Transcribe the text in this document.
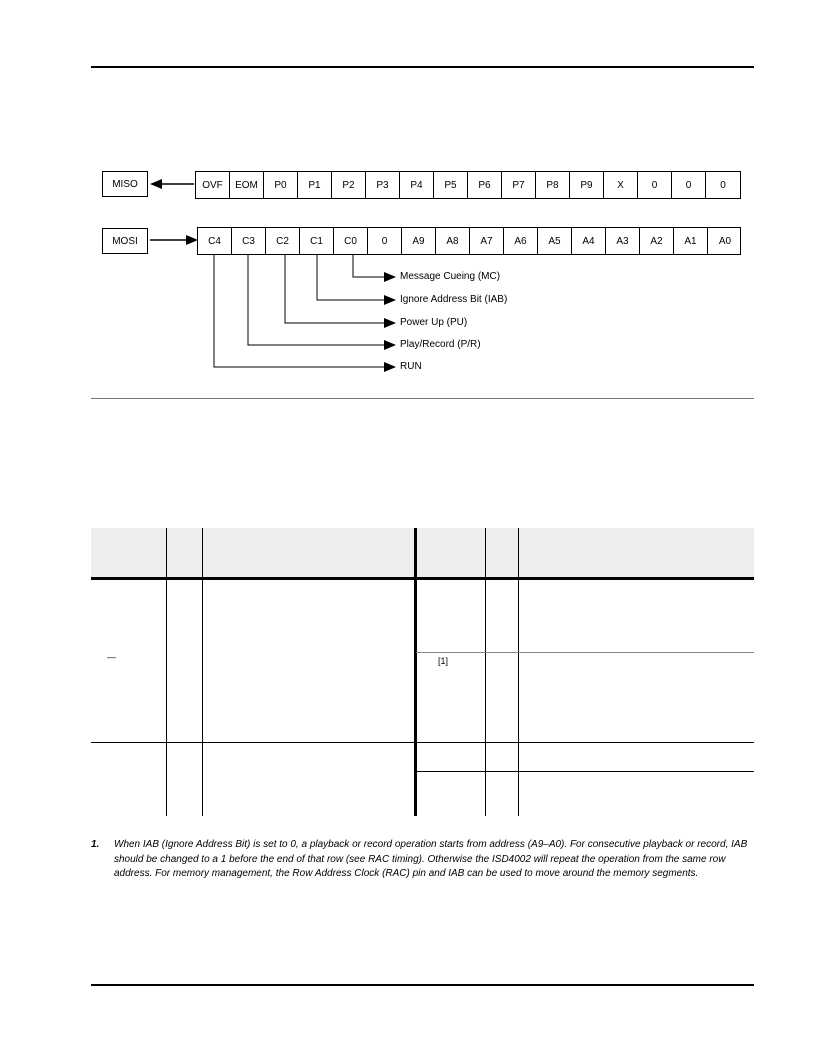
MISO	OVF EOM P0 P1 P2 P3 P4 P5 P6 P7 P8 P9 X	0	0	0
MOSI	C4 C3 C2 C1 C0 0	A9 A8 A7 A6 A5 A4 A3 A2 A1 A0
Message Cueing (MC)
Ignore Address Bit (IAB)
Power Up (PU)
Play/Record (P/R)
RUN
—	[1]
1. When IAB (Ignore Address Bit) is set to 0, a playback or record operation starts from address (A9–A0). For consecutive playback or record, IAB should be changed to a 1 before the end of that row (see RAC timing). Otherwise the ISD4002 will repeat the operation from the same row address. For memory management, the Row Address Clock (RAC) pin and IAB can be used to move around the memory segments.
